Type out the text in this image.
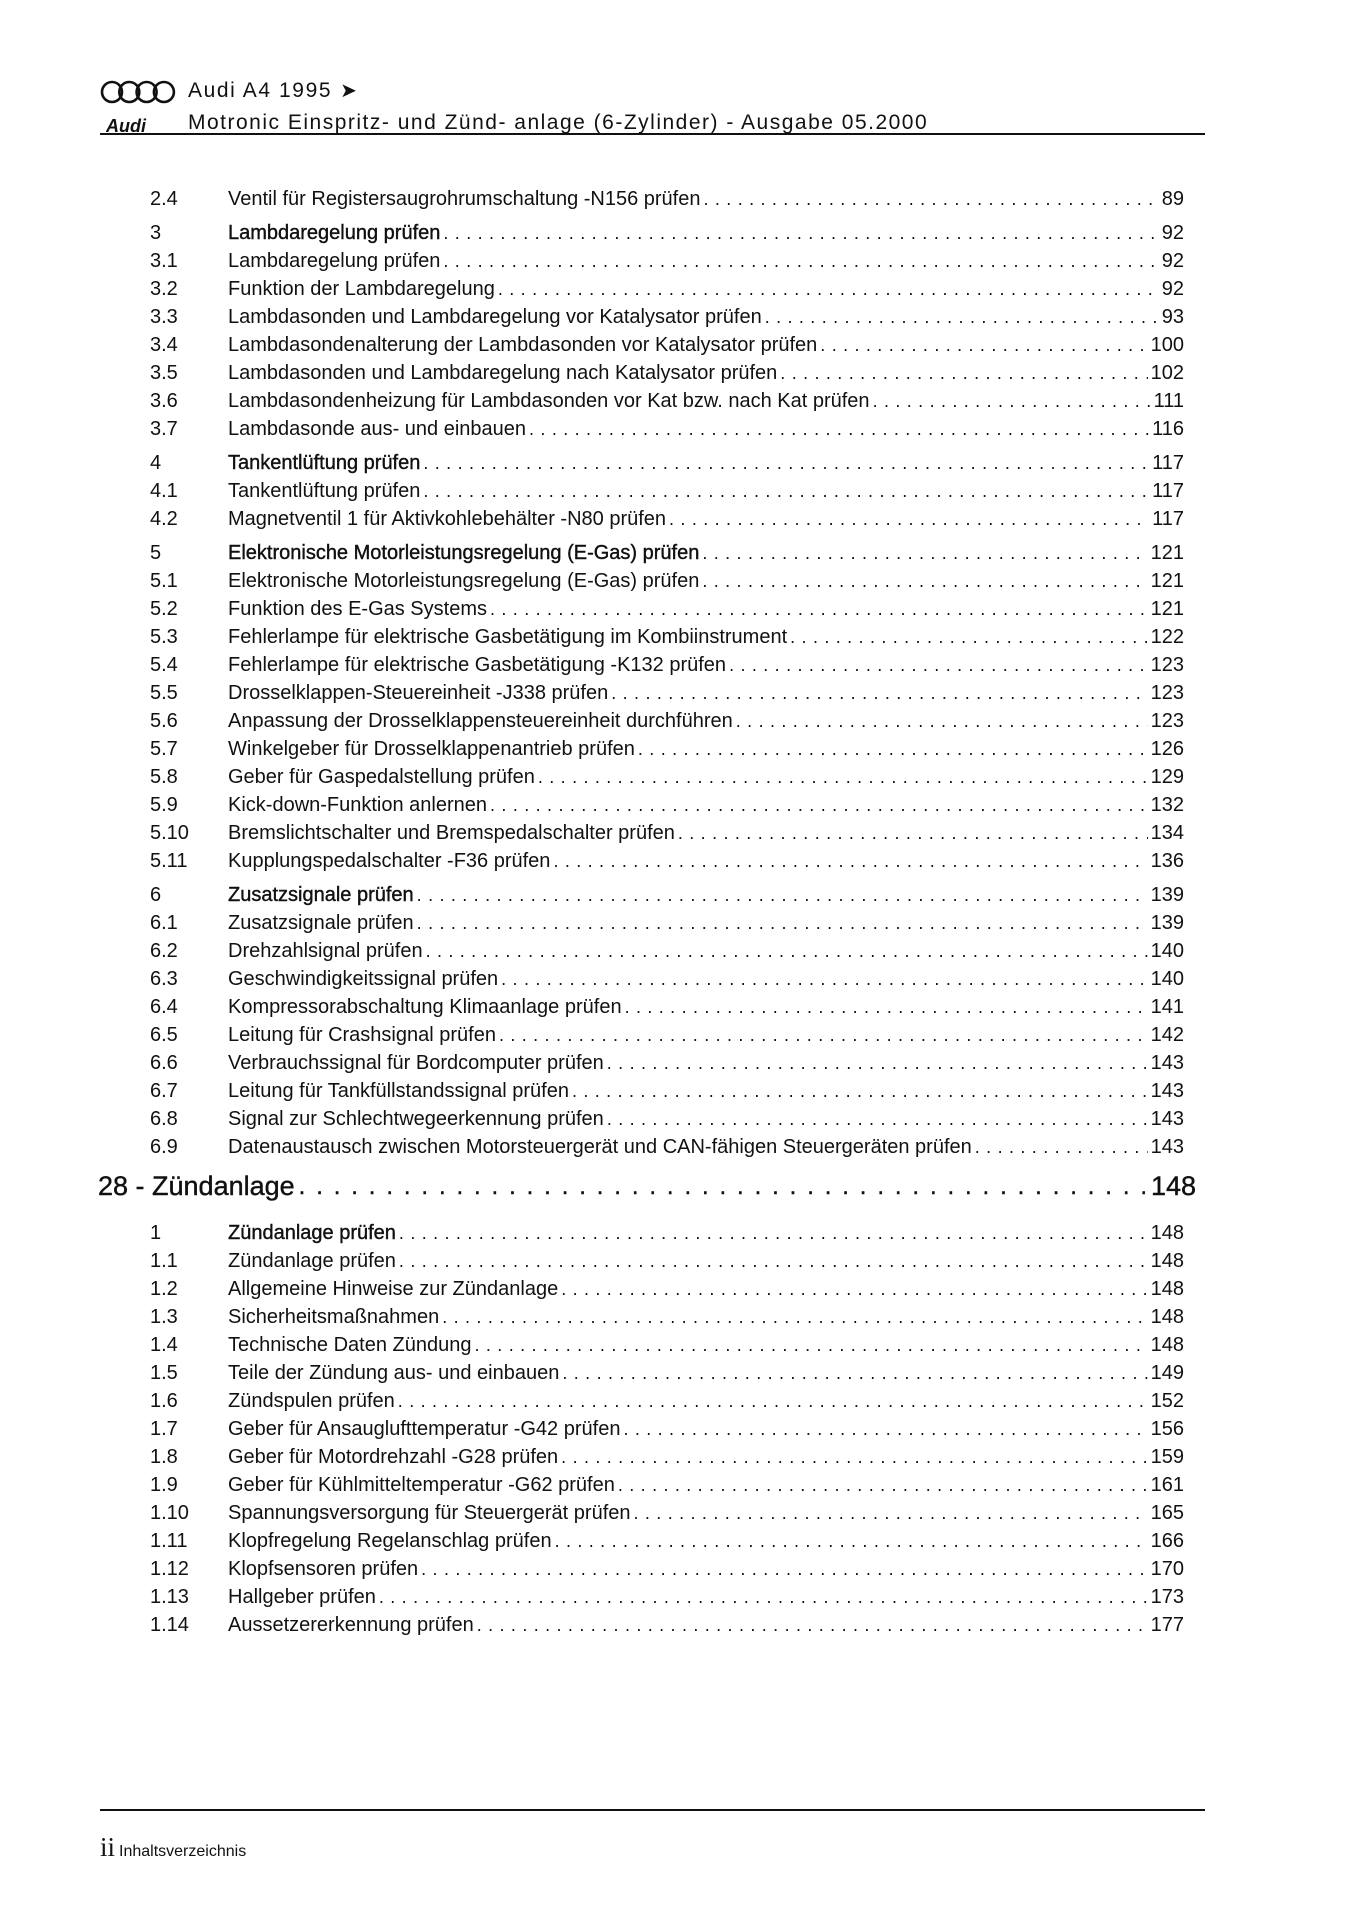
Audi
Audi A4 1995 ➤
Motronic Einspritz- und Zünd- anlage (6-Zylinder) - Ausgabe 05.2000
2.4	Ventil für Registersaugrohrumschaltung -N156 prüfen . . .	89
3	Lambdaregelung prüfen . . .	92
3.1	Lambdaregelung prüfen . . .	92
3.2	Funktion der Lambdaregelung . . .	92
3.3	Lambdasonden und Lambdaregelung vor Katalysator prüfen . . .	93
3.4	Lambdasondenalterung der Lambdasonden vor Katalysator prüfen . . .	100
3.5	Lambdasonden und Lambdaregelung nach Katalysator prüfen . . .	102
3.6	Lambdasondenheizung für Lambdasonden vor Kat bzw. nach Kat prüfen . . .	111
3.7	Lambdasonde aus- und einbauen . . .	116
4	Tankentlüftung prüfen . . .	117
4.1	Tankentlüftung prüfen . . .	117
4.2	Magnetventil 1 für Aktivkohlebehälter -N80 prüfen . . .	117
5	Elektronische Motorleistungsregelung (E-Gas) prüfen . . .	121
5.1	Elektronische Motorleistungsregelung (E-Gas) prüfen . . .	121
5.2	Funktion des E-Gas Systems . . .	121
5.3	Fehlerlampe für elektrische Gasbetätigung im Kombiinstrument . . .	122
5.4	Fehlerlampe für elektrische Gasbetätigung -K132 prüfen . . .	123
5.5	Drosselklappen-Steuereinheit -J338 prüfen . . .	123
5.6	Anpassung der Drosselklappensteuereinheit durchführen . . .	123
5.7	Winkelgeber für Drosselklappenantrieb prüfen . . .	126
5.8	Geber für Gaspedalstellung prüfen . . .	129
5.9	Kick-down-Funktion anlernen . . .	132
5.10	Bremslichtschalter und Bremspedalschalter prüfen . . .	134
5.11	Kupplungspedalschalter -F36 prüfen . . .	136
6	Zusatzsignale prüfen . . .	139
6.1	Zusatzsignale prüfen . . .	139
6.2	Drehzahlsignal prüfen . . .	140
6.3	Geschwindigkeitssignal prüfen . . .	140
6.4	Kompressorabschaltung Klimaanlage prüfen . . .	141
6.5	Leitung für Crashsignal prüfen . . .	142
6.6	Verbrauchssignal für Bordcomputer prüfen . . .	143
6.7	Leitung für Tankfüllstandssignal prüfen . . .	143
6.8	Signal zur Schlechtwegeerkennung prüfen . . .	143
6.9	Datenaustausch zwischen Motorsteuergerät und CAN-fähigen Steuergeräten prüfen . . .	143
28 - Zündanlage . . .	148
1	Zündanlage prüfen . . .	148
1.1	Zündanlage prüfen . . .	148
1.2	Allgemeine Hinweise zur Zündanlage . . .	148
1.3	Sicherheitsmaßnahmen . . .	148
1.4	Technische Daten Zündung . . .	148
1.5	Teile der Zündung aus- und einbauen . . .	149
1.6	Zündspulen prüfen . . .	152
1.7	Geber für Ansauglufttemperatur -G42 prüfen . . .	156
1.8	Geber für Motordrehzahl -G28 prüfen . . .	159
1.9	Geber für Kühlmitteltemperatur -G62 prüfen . . .	161
1.10	Spannungsversorgung für Steuergerät prüfen . . .	165
1.11	Klopfregelung Regelanschlag prüfen . . .	166
1.12	Klopfsensoren prüfen . . .	170
1.13	Hallgeber prüfen . . .	173
1.14	Aussetzererkennung prüfen . . .	177
ii Inhaltsverzeichnis
